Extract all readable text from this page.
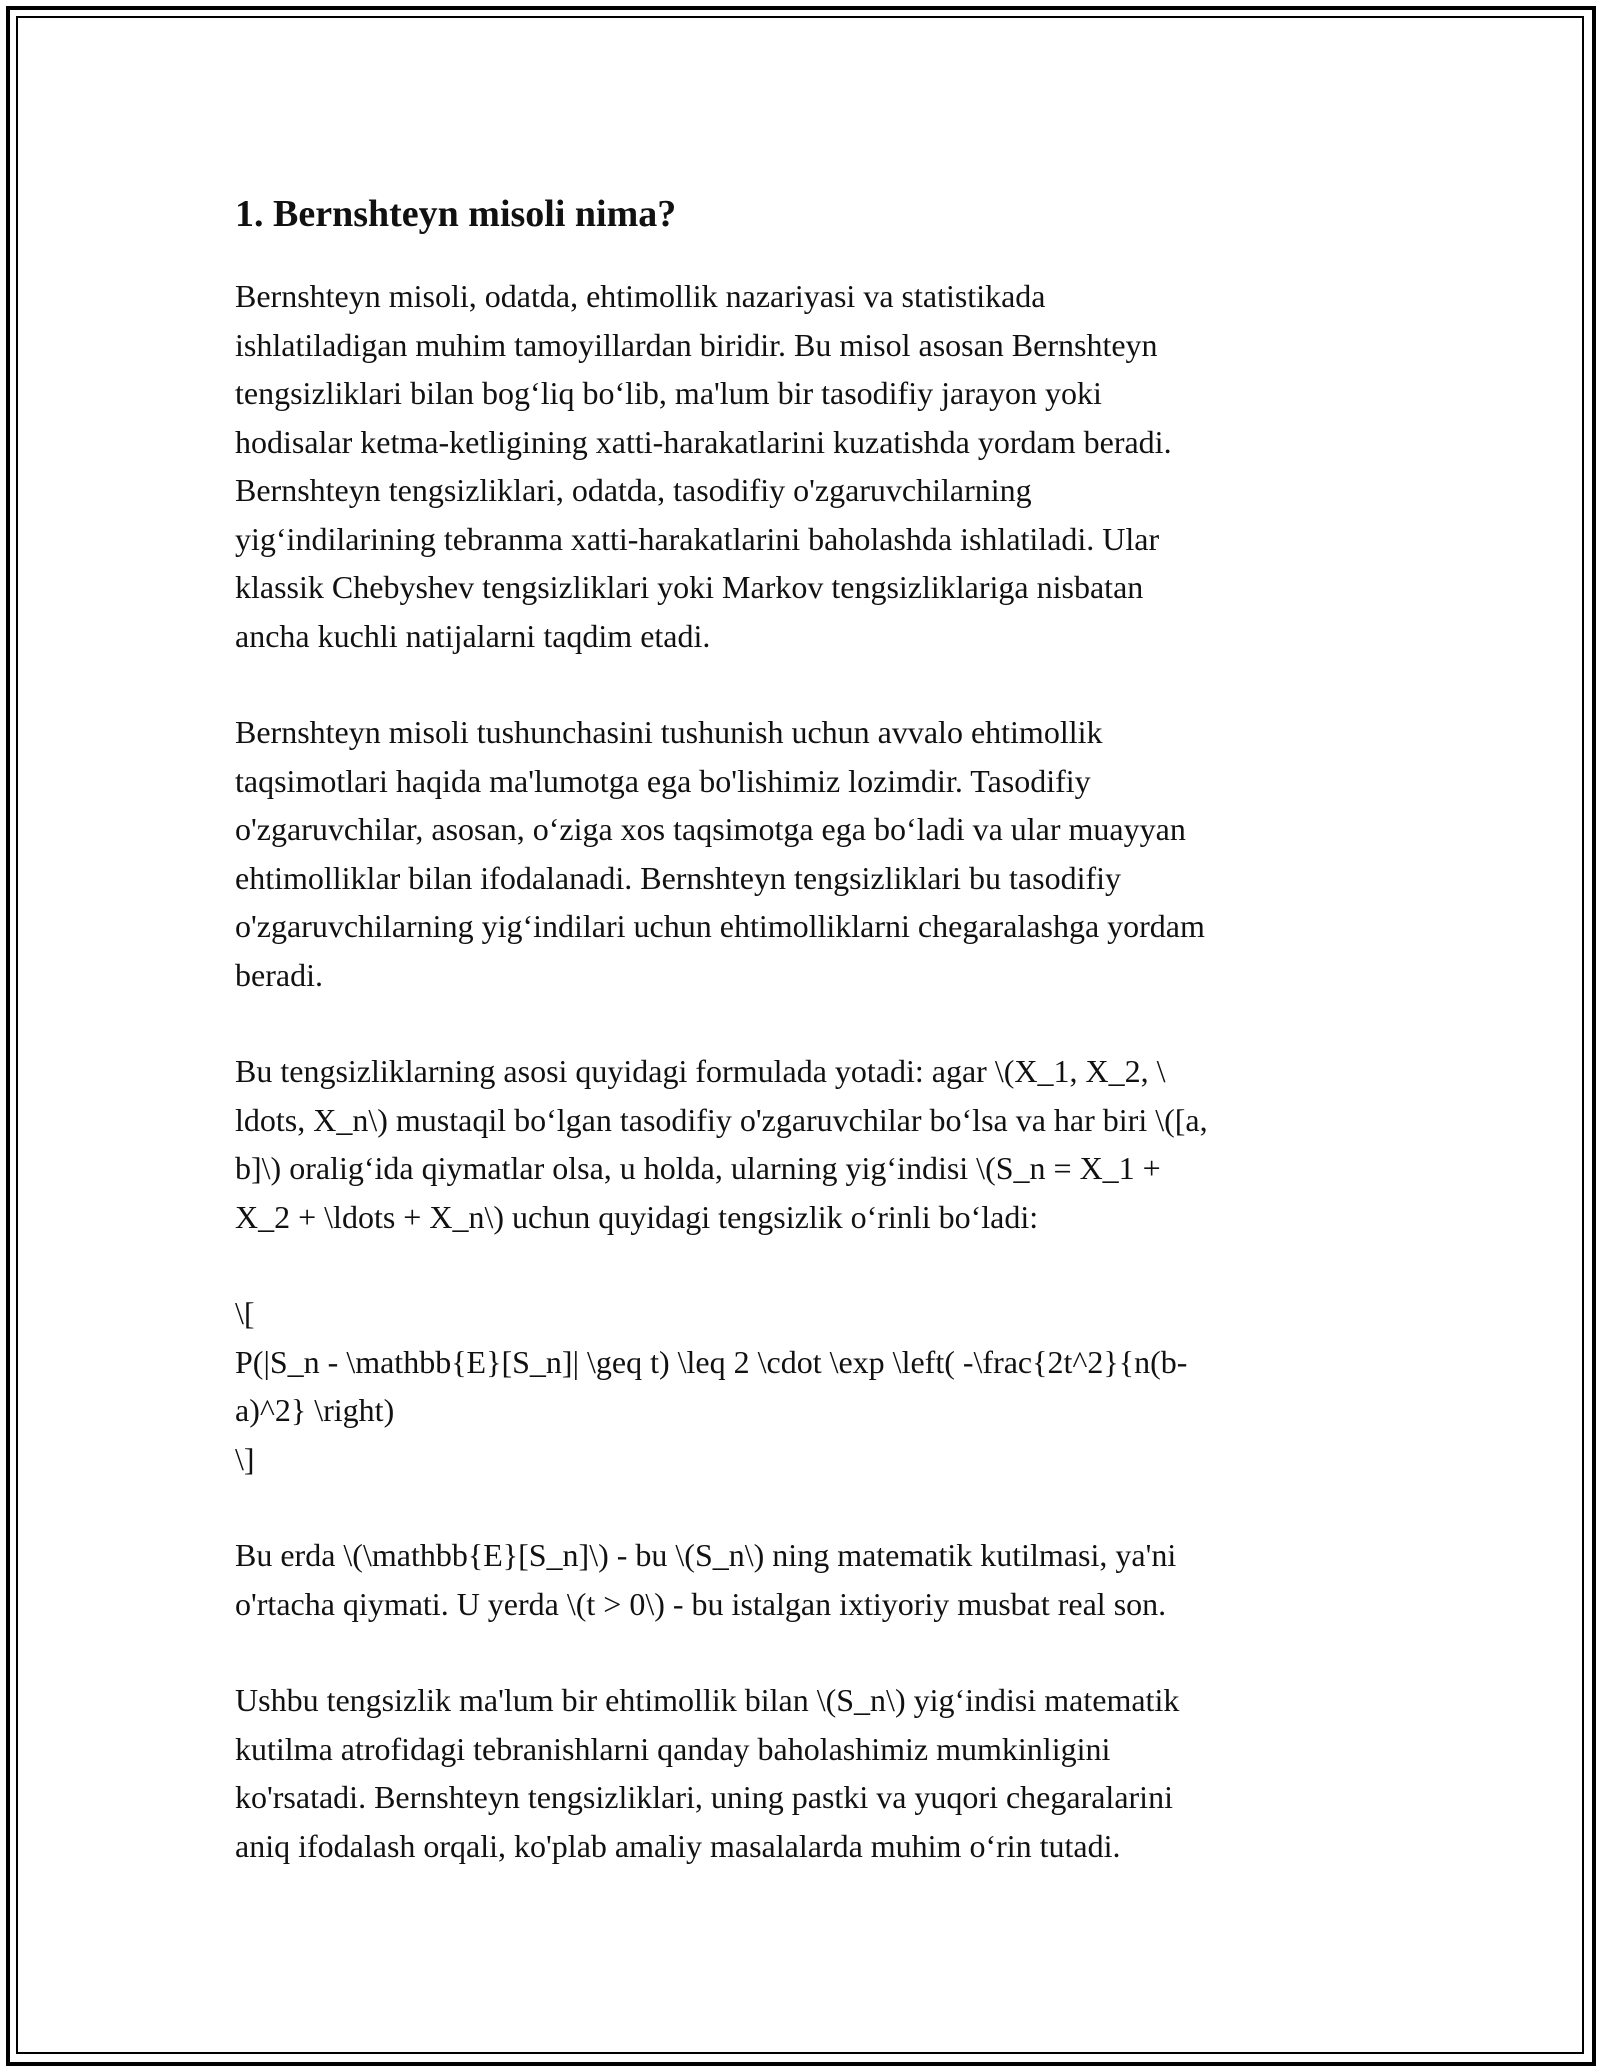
1. Bernshteyn misoli nima?

Bernshteyn misoli, odatda, ehtimollik nazariyasi va statistikada
ishlatiladigan muhim tamoyillardan biridir. Bu misol asosan Bernshteyn
tengsizliklari bilan bog‘liq bo‘lib, ma'lum bir tasodifiy jarayon yoki
hodisalar ketma-ketligining xatti-harakatlarini kuzatishda yordam beradi.
Bernshteyn tengsizliklari, odatda, tasodifiy o'zgaruvchilarning
yig‘indilarining tebranma xatti-harakatlarini baholashda ishlatiladi. Ular
klassik Chebyshev tengsizliklari yoki Markov tengsizliklariga nisbatan
ancha kuchli natijalarni taqdim etadi.

Bernshteyn misoli tushunchasini tushunish uchun avvalo ehtimollik
taqsimotlari haqida ma'lumotga ega bo'lishimiz lozimdir. Tasodifiy
o'zgaruvchilar, asosan, o‘ziga xos taqsimotga ega bo‘ladi va ular muayyan
ehtimolliklar bilan ifodalanadi. Bernshteyn tengsizliklari bu tasodifiy
o'zgaruvchilarning yig‘indilari uchun ehtimolliklarni chegaralashga yordam
beradi.

Bu tengsizliklarning asosi quyidagi formulada yotadi: agar \(X_1, X_2, \
ldots, X_n\) mustaqil bo‘lgan tasodifiy o'zgaruvchilar bo‘lsa va har biri \([a,
b]\) oralig‘ida qiymatlar olsa, u holda, ularning yig‘indisi \(S_n = X_1 +
X_2 + \ldots + X_n\) uchun quyidagi tengsizlik o‘rinli bo‘ladi:

\[
P(|S_n - \mathbb{E}[S_n]| \geq t) \leq 2 \cdot \exp \left( -\frac{2t^2}{n(b-
a)^2} \right)
\]

Bu erda \(\mathbb{E}[S_n]\) - bu \(S_n\) ning matematik kutilmasi, ya'ni
o'rtacha qiymati. U yerda \(t > 0\) - bu istalgan ixtiyoriy musbat real son.

Ushbu tengsizlik ma'lum bir ehtimollik bilan \(S_n\) yig‘indisi matematik
kutilma atrofidagi tebranishlarni qanday baholashimiz mumkinligini
ko'rsatadi. Bernshteyn tengsizliklari, uning pastki va yuqori chegaralarini
aniq ifodalash orqali, ko'plab amaliy masalalarda muhim o‘rin tutadi.
